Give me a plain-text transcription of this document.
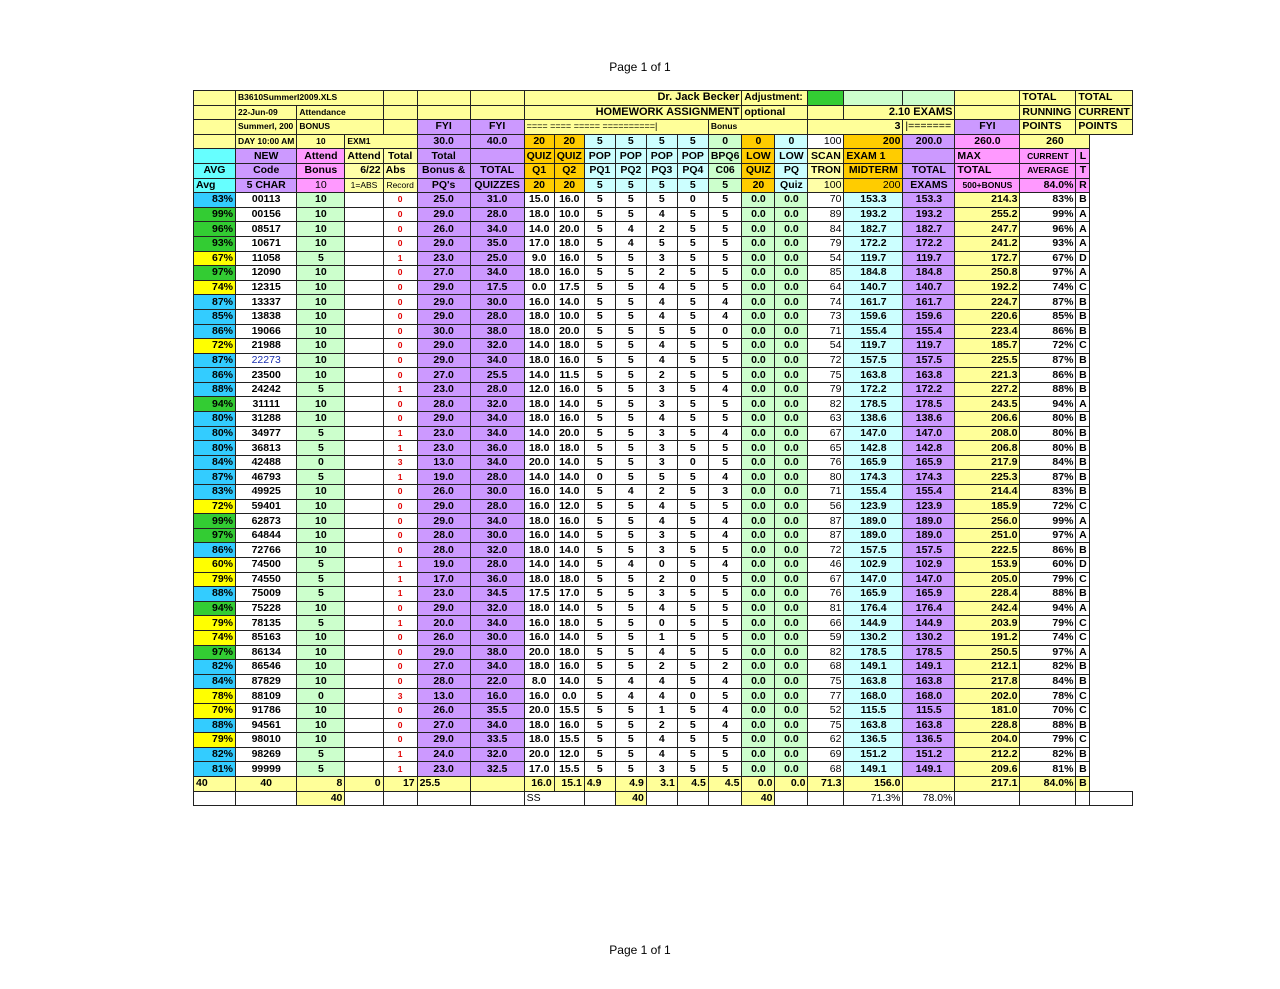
Page 1 of 1
	B3610SummerI2009.XLS						Dr. Jack Becker							Adjustment:						TOTAL	TOTAL	
	22-Jun-09	Attendance					HOMEWORK ASSIGNMENT							optional			2.10 EXAMS			RUNNING	CURRENT	
	SummerI, 200	BONUS			FYI	FYI	==== ==== ===== ==========|						Bonus			3		|=======	FYI	POINTS	POINTS	
	DAY 10:00 AM	10	EXM1		30.0	40.0	20	20	5	5	5	5	0	0	0	100	200	200.0	260.0	260		
	NEW	Attend	Attend	Total	Total		QUIZ	QUIZ	POP	POP	POP	POP	BPQ6	LOW	LOW	SCAN	EXAM 1		MAX	CURRENT	L	
AVG	Code	Bonus	6/22	Abs	Bonus &	TOTAL	Q1	Q2	PQ1	PQ2	PQ3	PQ4	C06	QUIZ	PQ	TRON	MIDTERM	TOTAL	TOTAL	AVERAGE	T	
Avg	5 CHAR	10	1=ABS	Record	PQ's	QUIZZES	20	20	5	5	5	5	5	20	Quiz	100	200	EXAMS	500+BONUS	84.0%	R	
83%	00113	10		0	25.0	31.0	15.0	16.0	5	5	5	0	5	0.0	0.0	70	153.3	153.3	214.3	83%	B	
99%	00156	10		0	29.0	28.0	18.0	10.0	5	5	4	5	5	0.0	0.0	89	193.2	193.2	255.2	99%	A	
96%	08517	10		0	26.0	34.0	14.0	20.0	5	4	2	5	5	0.0	0.0	84	182.7	182.7	247.7	96%	A	
93%	10671	10		0	29.0	35.0	17.0	18.0	5	4	5	5	5	0.0	0.0	79	172.2	172.2	241.2	93%	A	
67%	11058	5		1	23.0	25.0	9.0	16.0	5	5	3	5	5	0.0	0.0	54	119.7	119.7	172.7	67%	D	
97%	12090	10		0	27.0	34.0	18.0	16.0	5	5	2	5	5	0.0	0.0	85	184.8	184.8	250.8	97%	A	
74%	12315	10		0	29.0	17.5	0.0	17.5	5	5	4	5	5	0.0	0.0	64	140.7	140.7	192.2	74%	C	
87%	13337	10		0	29.0	30.0	16.0	14.0	5	5	4	5	4	0.0	0.0	74	161.7	161.7	224.7	87%	B	
85%	13838	10		0	29.0	28.0	18.0	10.0	5	5	4	5	4	0.0	0.0	73	159.6	159.6	220.6	85%	B	
86%	19066	10		0	30.0	38.0	18.0	20.0	5	5	5	5	0	0.0	0.0	71	155.4	155.4	223.4	86%	B	
72%	21988	10		0	29.0	32.0	14.0	18.0	5	5	4	5	5	0.0	0.0	54	119.7	119.7	185.7	72%	C	
87%	22273	10		0	29.0	34.0	18.0	16.0	5	5	4	5	5	0.0	0.0	72	157.5	157.5	225.5	87%	B	
86%	23500	10		0	27.0	25.5	14.0	11.5	5	5	2	5	5	0.0	0.0	75	163.8	163.8	221.3	86%	B	
88%	24242	5		1	23.0	28.0	12.0	16.0	5	5	3	5	4	0.0	0.0	79	172.2	172.2	227.2	88%	B	
94%	31111	10		0	28.0	32.0	18.0	14.0	5	5	3	5	5	0.0	0.0	82	178.5	178.5	243.5	94%	A	
80%	31288	10		0	29.0	34.0	18.0	16.0	5	5	4	5	5	0.0	0.0	63	138.6	138.6	206.6	80%	B	
80%	34977	5		1	23.0	34.0	14.0	20.0	5	5	3	5	4	0.0	0.0	67	147.0	147.0	208.0	80%	B	
80%	36813	5		1	23.0	36.0	18.0	18.0	5	5	3	5	5	0.0	0.0	65	142.8	142.8	206.8	80%	B	
84%	42488	0		3	13.0	34.0	20.0	14.0	5	5	3	0	5	0.0	0.0	76	165.9	165.9	217.9	84%	B	
87%	46793	5		1	19.0	28.0	14.0	14.0	0	5	5	5	4	0.0	0.0	80	174.3	174.3	225.3	87%	B	
83%	49925	10		0	26.0	30.0	16.0	14.0	5	4	2	5	3	0.0	0.0	71	155.4	155.4	214.4	83%	B	
72%	59401	10		0	29.0	28.0	16.0	12.0	5	5	4	5	5	0.0	0.0	56	123.9	123.9	185.9	72%	C	
99%	62873	10		0	29.0	34.0	18.0	16.0	5	5	4	5	4	0.0	0.0	87	189.0	189.0	256.0	99%	A	
97%	64844	10		0	28.0	30.0	16.0	14.0	5	5	3	5	4	0.0	0.0	87	189.0	189.0	251.0	97%	A	
86%	72766	10		0	28.0	32.0	18.0	14.0	5	5	3	5	5	0.0	0.0	72	157.5	157.5	222.5	86%	B	
60%	74500	5		1	19.0	28.0	14.0	14.0	5	4	0	5	4	0.0	0.0	46	102.9	102.9	153.9	60%	D	
79%	74550	5		1	17.0	36.0	18.0	18.0	5	5	2	0	5	0.0	0.0	67	147.0	147.0	205.0	79%	C	
88%	75009	5		1	23.0	34.5	17.5	17.0	5	5	3	5	5	0.0	0.0	76	165.9	165.9	228.4	88%	B	
94%	75228	10		0	29.0	32.0	18.0	14.0	5	5	4	5	5	0.0	0.0	81	176.4	176.4	242.4	94%	A	
79%	78135	5		1	20.0	34.0	16.0	18.0	5	5	0	5	5	0.0	0.0	66	144.9	144.9	203.9	79%	C	
74%	85163	10		0	26.0	30.0	16.0	14.0	5	5	1	5	5	0.0	0.0	59	130.2	130.2	191.2	74%	C	
97%	86134	10		0	29.0	38.0	20.0	18.0	5	5	4	5	5	0.0	0.0	82	178.5	178.5	250.5	97%	A	
82%	86546	10		0	27.0	34.0	18.0	16.0	5	5	2	5	2	0.0	0.0	68	149.1	149.1	212.1	82%	B	
84%	87829	10		0	28.0	22.0	8.0	14.0	5	4	4	5	4	0.0	0.0	75	163.8	163.8	217.8	84%	B	
78%	88109	0		3	13.0	16.0	16.0	0.0	5	4	4	0	5	0.0	0.0	77	168.0	168.0	202.0	78%	C	
70%	91786	10		0	26.0	35.5	20.0	15.5	5	5	1	5	4	0.0	0.0	52	115.5	115.5	181.0	70%	C	
88%	94561	10		0	27.0	34.0	18.0	16.0	5	5	2	5	4	0.0	0.0	75	163.8	163.8	228.8	88%	B	
79%	98010	10		0	29.0	33.5	18.0	15.5	5	5	4	5	5	0.0	0.0	62	136.5	136.5	204.0	79%	C	
82%	98269	5		1	24.0	32.0	20.0	12.0	5	5	4	5	5	0.0	0.0	69	151.2	151.2	212.2	82%	B	
81%	99999	5		1	23.0	32.5	17.0	15.5	5	5	3	5	5	0.0	0.0	68	149.1	149.1	209.6	81%	B	
40	40	8	0	17	25.5		16.0	15.1	4.9	4.9	3.1	4.5	4.5	0.0	0.0	71.3	156.0		217.1	84.0%	B	
		40					SS			40				40			71.3%	78.0%				
Page 1 of 1
